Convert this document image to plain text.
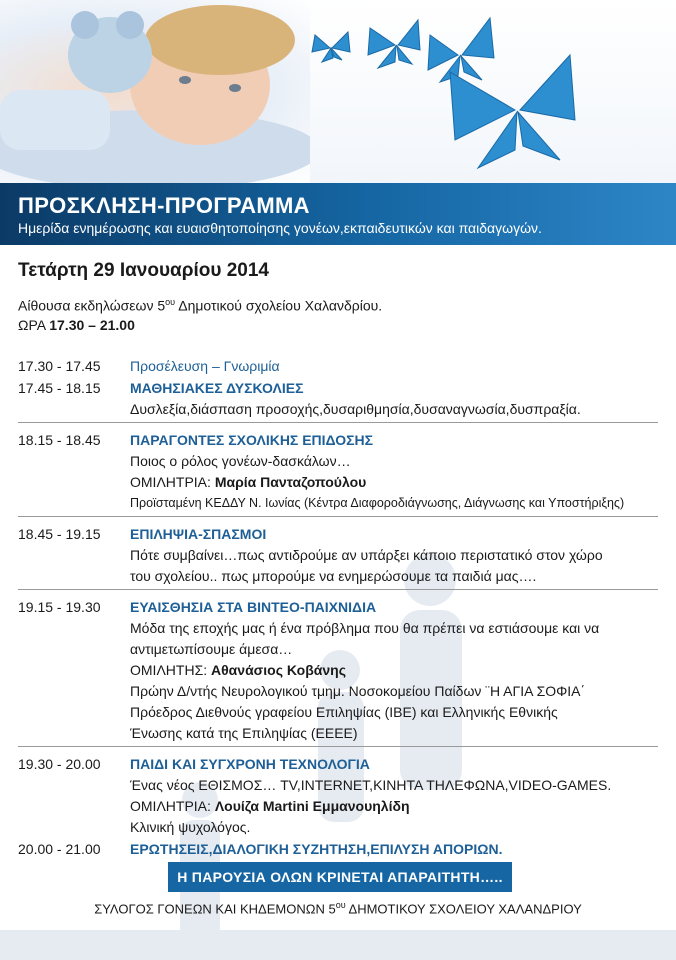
ΠΡΟΣΚΛΗΣΗ-ΠΡΟΓΡΑΜΜΑ
Ημερίδα ενημέρωσης και ευαισθητοποίησης γονέων,εκπαιδευτικών και παιδαγωγών.
Τετάρτη 29 Ιανουαρίου 2014
Αίθουσα εκδηλώσεων $5^{o\upsilon}$ Δημοτικού σχολείου Χαλανδρίου.
ΩΡΑ 17.30 – 21.00
17.30 - 17.45	Προσέλευση – Γνωριμία
17.45 - 18.15	ΜΑΘΗΣΙΑΚΕΣ ΔΥΣΚΟΛΙΕΣ
Δυσλεξία,διάσπαση προσοχής,δυσαριθμησία,δυσαναγνωσία,δυσπραξία.
18.15 - 18.45	ΠΑΡΑΓΟΝΤΕΣ ΣΧΟΛΙΚΗΣ ΕΠΙΔΟΣΗΣ
Ποιος ο ρόλος γονέων-δασκάλων…
ΟΜΙΛΗΤΡΙΑ: Μαρία Πανταζοπούλου
Προϊσταμένη ΚΕΔΔΥ Ν. Ιωνίας (Κέντρα Διαφοροδιάγνωσης, Διάγνωσης και Υποστήριξης)
18.45 - 19.15	ΕΠΙΛΗΨΙΑ-ΣΠΑΣΜΟΙ
Πότε συμβαίνει…πως αντιδρούμε αν υπάρξει κάποιο περιστατικό στον χώρο
του σχολείου.. πως μπορούμε να ενημερώσουμε τα παιδιά μας….
19.15 - 19.30	ΕΥΑΙΣΘΗΣΙΑ ΣΤΑ ΒΙΝΤΕΟ-ΠΑΙΧΝΙΔΙΑ
Μόδα της εποχής μας ή ένα πρόβλημα που θα πρέπει να εστιάσουμε και να
αντιμετωπίσουμε άμεσα…
ΟΜΙΛΗΤΗΣ: Αθανάσιος Κοβάνης
Πρώην Δ/ντής Νευρολογικού τμημ. Νοσοκομείου Παίδων ¨Η ΑΓΙΑ ΣΟΦΙΑ΄
Πρόεδρος Διεθνούς γραφείου Επιληψίας (IBE) και Ελληνικής Εθνικής
Ένωσης κατά της Επιληψίας (ΕΕΕΕ)
19.30 - 20.00	ΠΑΙΔΙ ΚΑΙ ΣΥΓΧΡΟΝΗ ΤΕΧΝΟΛΟΓΙΑ
Ένας νέος ΕΘΙΣΜΟΣ… TV,INTERNET,ΚΙΝΗΤΑ ΤΗΛΕΦΩΝΑ,VIDEO-GAMES.
ΟΜΙΛΗΤΡΙΑ: Λουίζα Martini Εμμανουηλίδη
Κλινική ψυχολόγος.
20.00 - 21.00	ΕΡΩΤΗΣΕΙΣ,ΔΙΑΛΟΓΙΚΗ ΣΥΖΗΤΗΣΗ,ΕΠΙΛΥΣΗ ΑΠΟΡΙΩΝ.
Η ΠΑΡΟΥΣΙΑ ΟΛΩΝ ΚΡΙΝΕΤΑΙ ΑΠΑΡΑΙΤΗΤΗ…..
ΣΥΛΟΓΟΣ ΓΟΝΕΩΝ ΚΑΙ ΚΗΔΕΜΟΝΩΝ $5^{o\upsilon}$ ΔΗΜΟΤΙΚΟΥ ΣΧΟΛΕΙΟΥ ΧΑΛΑΝΔΡΙΟΥ
